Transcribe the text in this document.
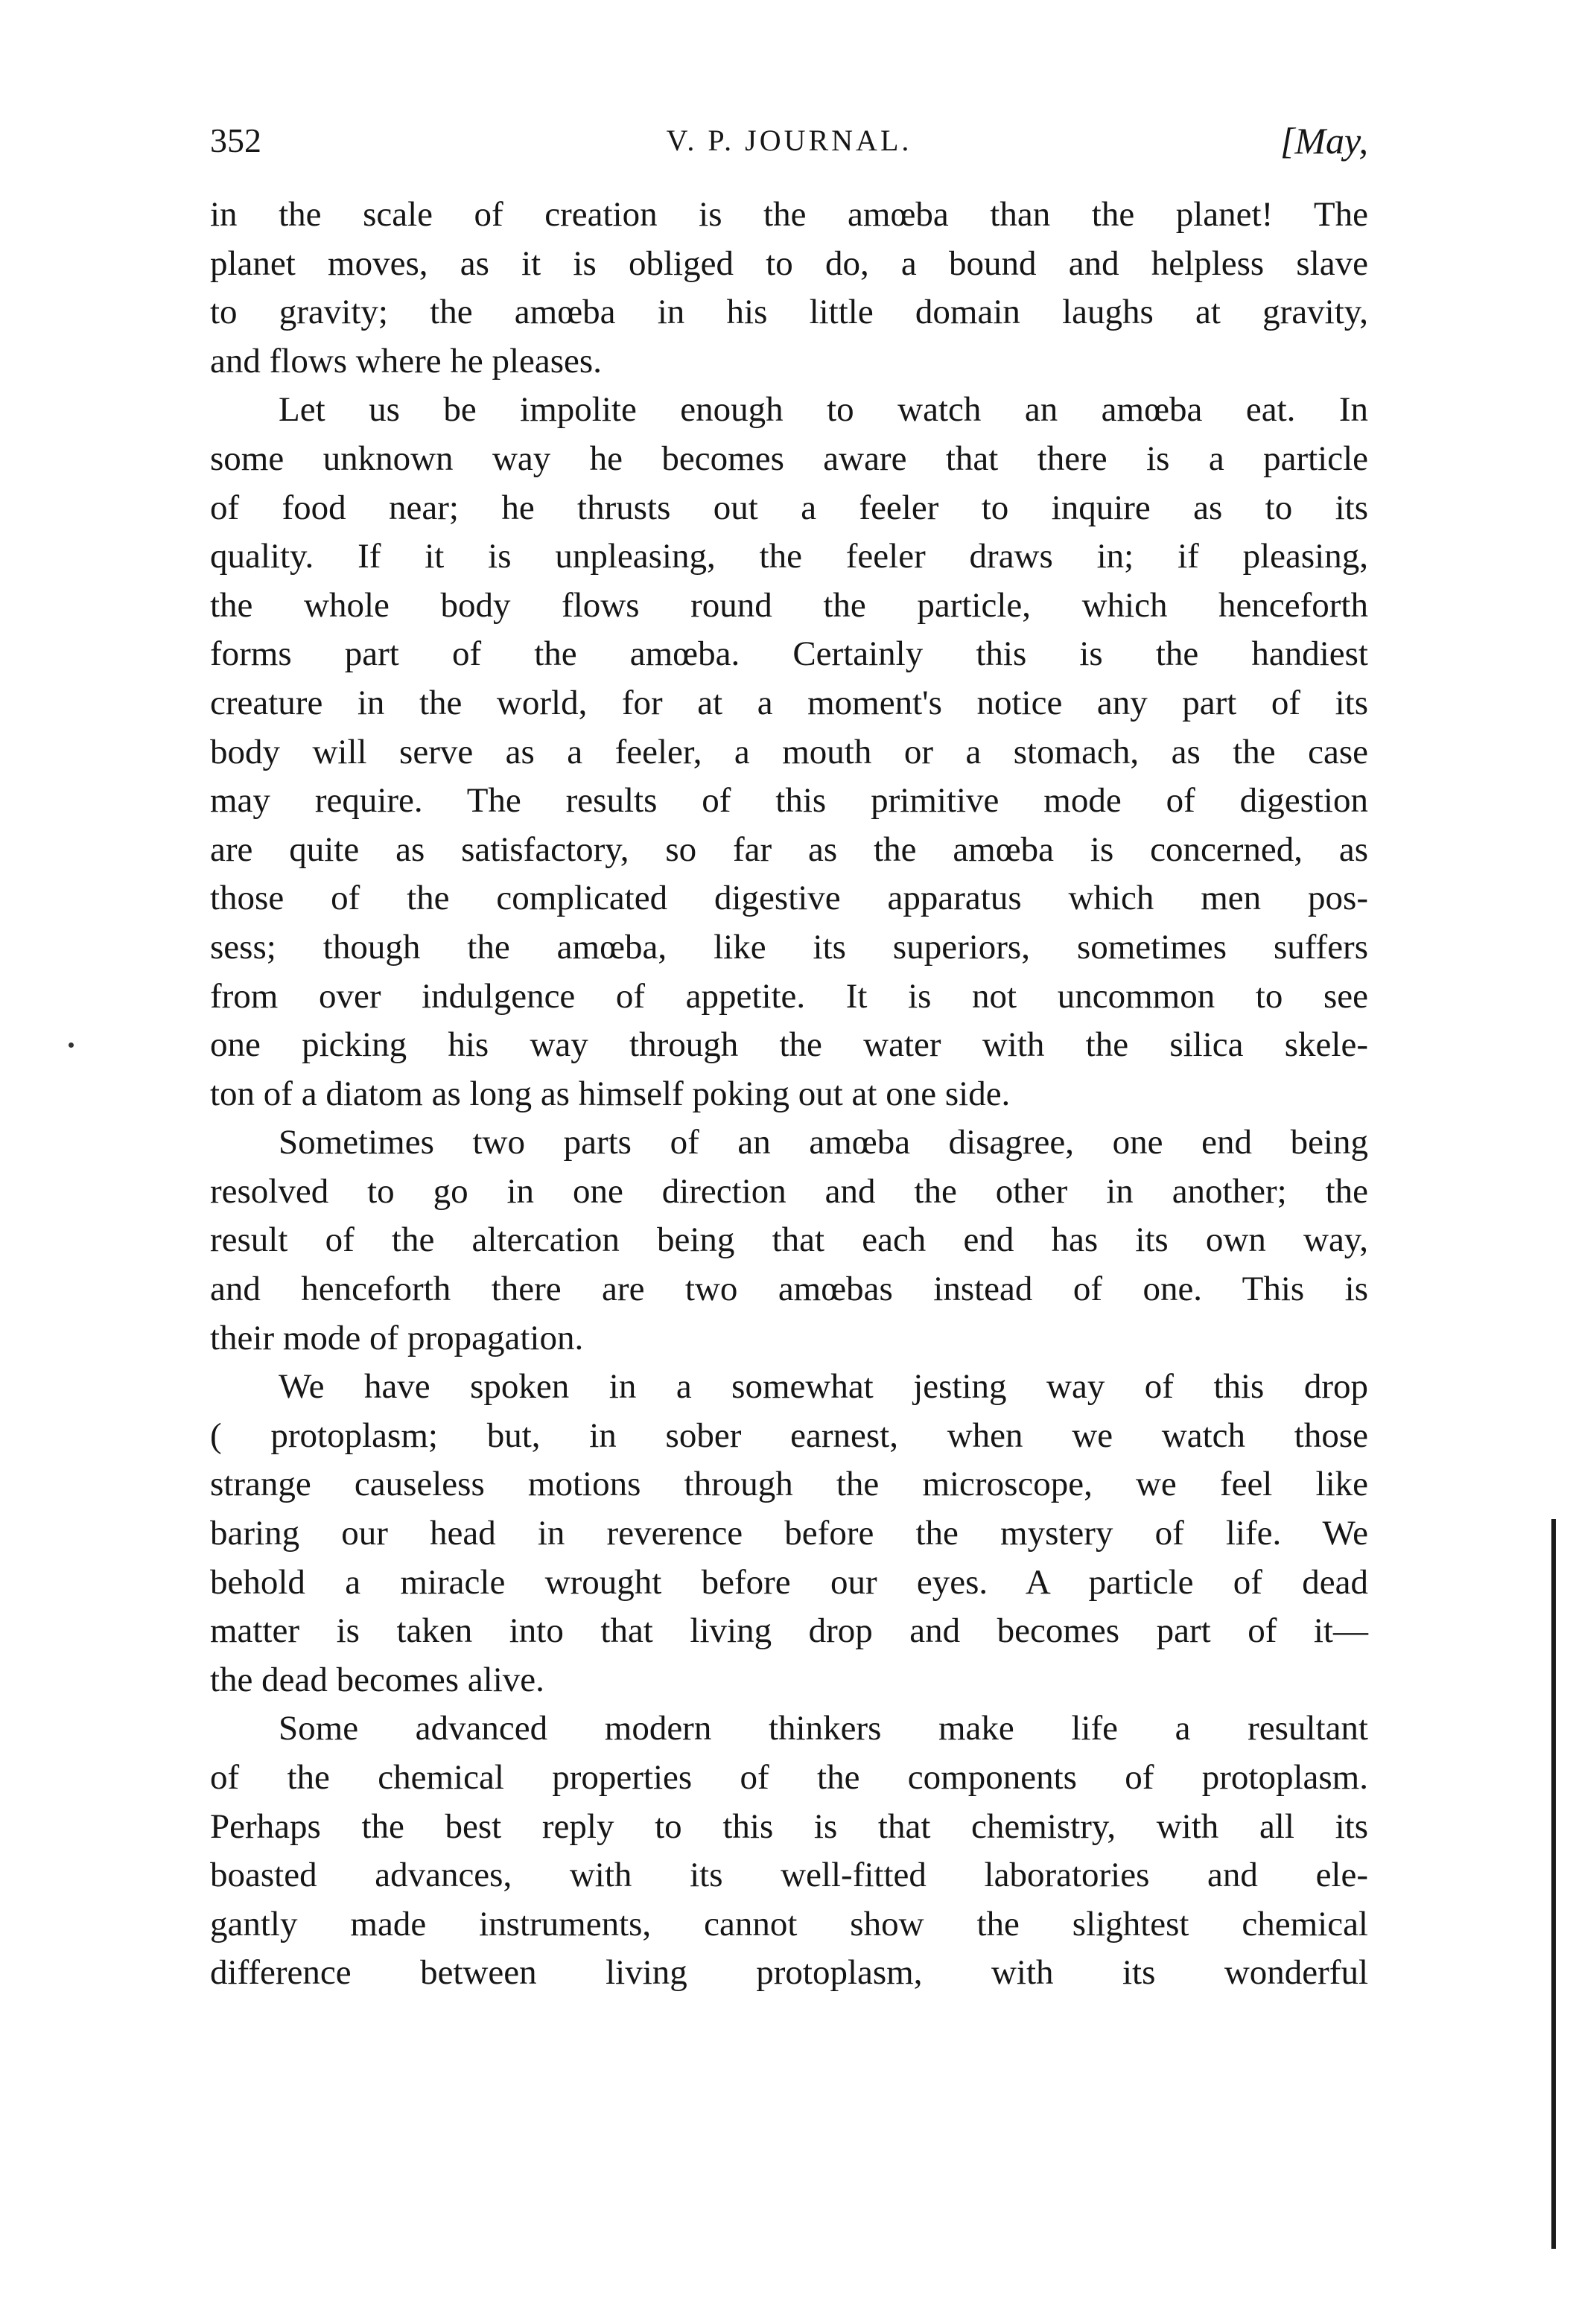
352	V. P. JOURNAL.	[May,
in the scale of creation is the amœba than the planet! The
planet moves, as it is obliged to do, a bound and helpless slave
to gravity; the amœba in his little domain laughs at gravity,
and flows where he pleases.
Let us be impolite enough to watch an amœba eat. In
some unknown way he becomes aware that there is a particle
of food near; he thrusts out a feeler to inquire as to its
quality. If it is unpleasing, the feeler draws in; if pleasing,
the whole body flows round the particle, which henceforth
forms part of the amœba. Certainly this is the handiest
creature in the world, for at a moment's notice any part of its
body will serve as a feeler, a mouth or a stomach, as the case
may require. The results of this primitive mode of digestion
are quite as satisfactory, so far as the amœba is concerned, as
those of the complicated digestive apparatus which men pos-
sess; though the amœba, like its superiors, sometimes suffers
from over indulgence of appetite. It is not uncommon to see
one picking his way through the water with the silica skele-
ton of a diatom as long as himself poking out at one side.
Sometimes two parts of an amœba disagree, one end being
resolved to go in one direction and the other in another; the
result of the altercation being that each end has its own way,
and henceforth there are two amœbas instead of one. This is
their mode of propagation.
We have spoken in a somewhat jesting way of this drop
( protoplasm; but, in sober earnest, when we watch those
strange causeless motions through the microscope, we feel like
baring our head in reverence before the mystery of life. We
behold a miracle wrought before our eyes. A particle of dead
matter is taken into that living drop and becomes part of it—
the dead becomes alive.
Some advanced modern thinkers make life a resultant
of the chemical properties of the components of protoplasm.
Perhaps the best reply to this is that chemistry, with all its
boasted advances, with its well-fitted laboratories and ele-
gantly made instruments, cannot show the slightest chemical
difference between living protoplasm, with its wonderful
